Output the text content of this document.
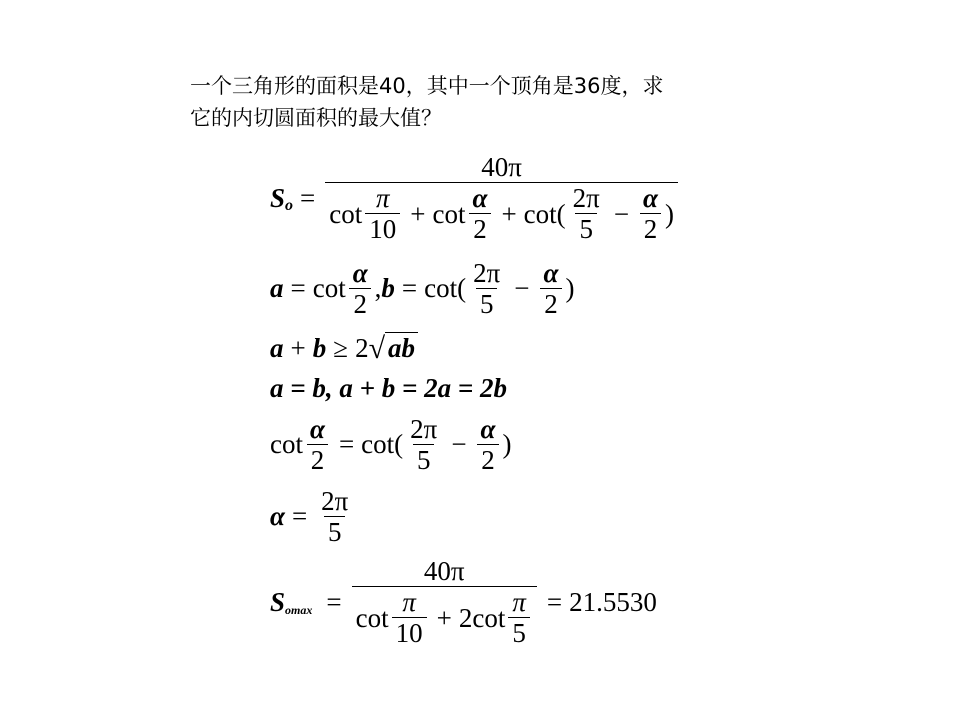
一个三角形的面积是40，其中一个顶角是36度，求
它的内切圆面积的最大值？
S o =
40π
$\cot \frac{\pi}{10} + \cot \frac{\alpha}{2} + \cot$ ( $\frac{2\pi}{5} - \frac{\alpha}{2}$ )
$a = \cot \frac{\alpha}{2}$ , b = cot ( $\frac{2\pi}{5} - \frac{\alpha}{2}$ )
a + b ≥ 2 √ ab
a = b, a + b = 2a = 2b
$\cot \frac{\alpha}{2} = \cot$ ( $\frac{2\pi}{5} - \frac{\alpha}{2}$ )
$\alpha = \frac{2\pi}{5}$
S $omax = \frac{40\pi}{\cot \frac{\pi}{10} + 2 \cot \frac{\pi}{5}} = 21.5530$
